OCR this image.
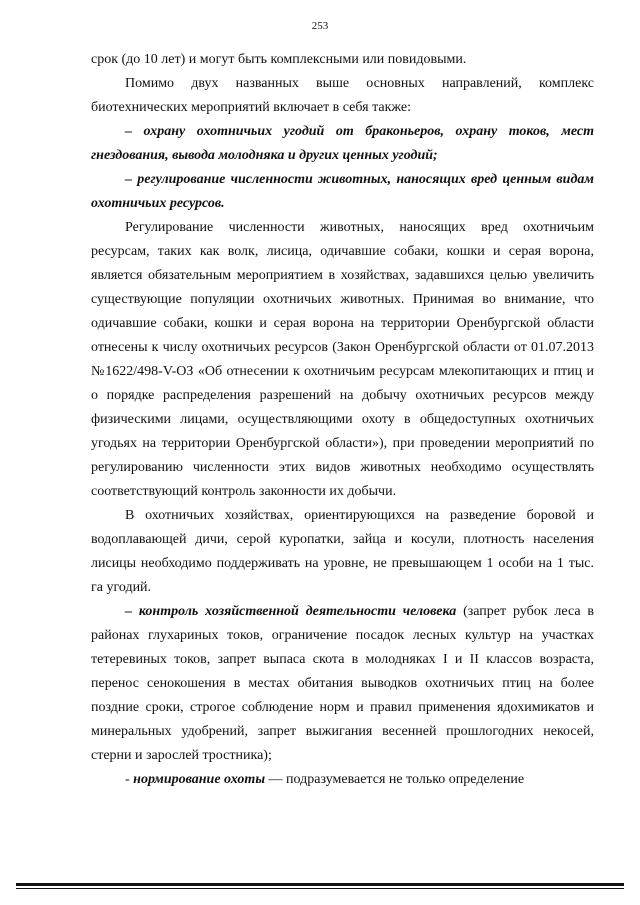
253

срок (до 10 лет) и могут быть комплексными или повидовыми.

Помимо двух названных выше основных направлений, комплекс биотехнических мероприятий включает в себя также:

– охрану охотничьих угодий от браконьеров, охрану токов, мест гнездования, вывода молодняка и других ценных угодий;

– регулирование численности животных, наносящих вред ценным видам охотничьих ресурсов.

Регулирование численности животных, наносящих вред охотничьим ресурсам, таких как волк, лисица, одичавшие собаки, кошки и серая ворона, является обязательным мероприятием в хозяйствах, задавшихся целью увеличить существующие популяции охотничьих животных. Принимая во внимание, что одичавшие собаки, кошки и серая ворона на территории Оренбургской области отнесены к числу охотничьих ресурсов (Закон Оренбургской области от 01.07.2013 №1622/498-V-ОЗ «Об отнесении к охотничьим ресурсам млекопитающих и птиц и о порядке распределения разрешений на добычу охотничьих ресурсов между физическими лицами, осуществляющими охоту в общедоступных охотничьих угодьях на территории Оренбургской области»), при проведении мероприятий по регулированию численности этих видов животных необходимо осуществлять соответствующий контроль законности их добычи.

В охотничьих хозяйствах, ориентирующихся на разведение боровой и водоплавающей дичи, серой куропатки, зайца и косули, плотность населения лисицы необходимо поддерживать на уровне, не превышающем 1 особи на 1 тыс. га угодий.

– контроль хозяйственной деятельности человека (запрет рубок леса в районах глухариных токов, ограничение посадок лесных культур на участках тетеревиных токов, запрет выпаса скота в молодняках I и II классов возраста, перенос сенокошения в местах обитания выводков охотничьих птиц на более поздние сроки, строгое соблюдение норм и правил применения ядохимикатов и минеральных удобрений, запрет выжигания весенней прошлогодних некосей, стерни и зарослей тростника);

- нормирование охоты — подразумевается не только определение
